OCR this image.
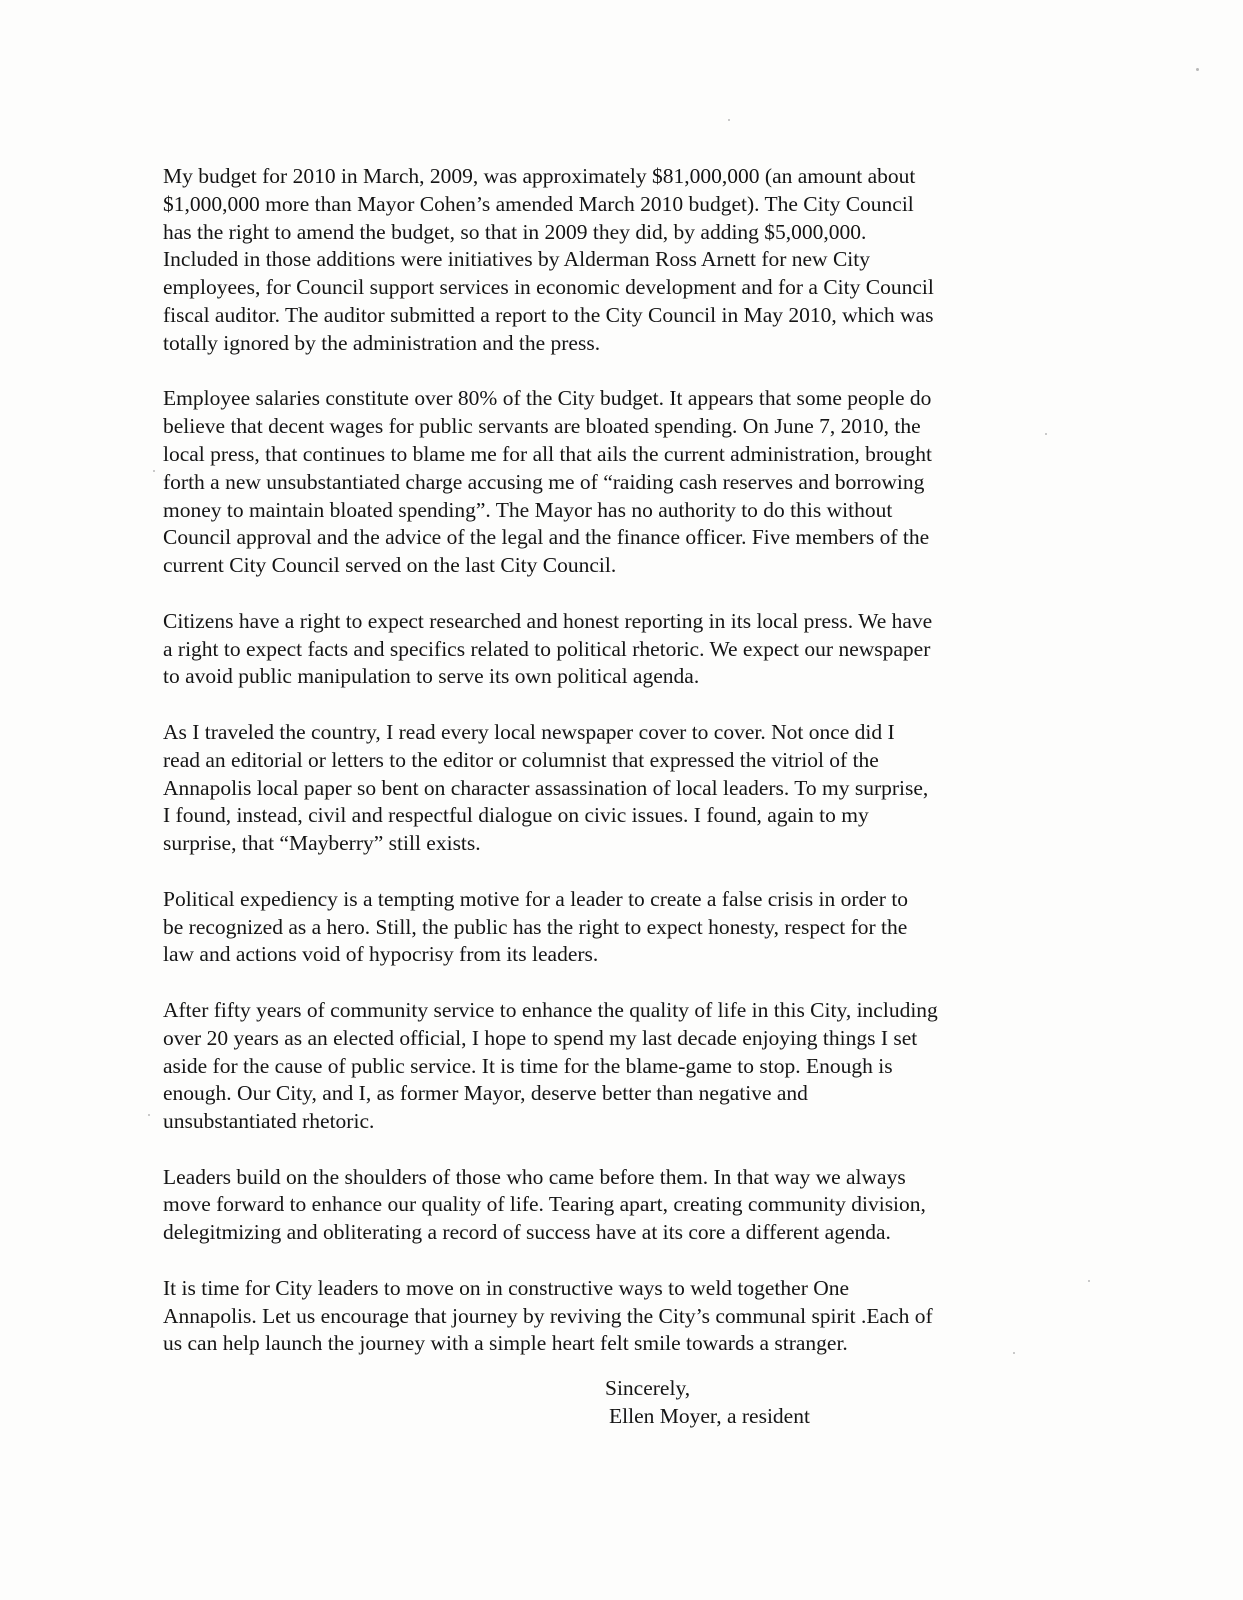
My budget for 2010 in March, 2009, was approximately $81,000,000 (an amount about
$1,000,000 more than Mayor Cohen’s amended March 2010 budget). The City Council
has the right to amend the budget, so that in 2009 they did, by adding $5,000,000.
Included in those additions were initiatives by Alderman Ross Arnett for new City
employees, for Council support services in economic development and for a City Council
fiscal auditor. The auditor submitted a report to the City Council in May 2010, which was
totally ignored by the administration and the press.

Employee salaries constitute over 80% of the City budget. It appears that some people do
believe that decent wages for public servants are bloated spending. On June 7, 2010, the
local press, that continues to blame me for all that ails the current administration, brought
forth a new unsubstantiated charge accusing me of “raiding cash reserves and borrowing
money to maintain bloated spending”. The Mayor has no authority to do this without
Council approval and the advice of the legal and the finance officer. Five members of the
current City Council served on the last City Council.

Citizens have a right to expect researched and honest reporting in its local press. We have
a right to expect facts and specifics related to political rhetoric. We expect our newspaper
to avoid public manipulation to serve its own political agenda.

As I traveled the country, I read every local newspaper cover to cover. Not once did I
read an editorial or letters to the editor or columnist that expressed the vitriol of the
Annapolis local paper so bent on character assassination of local leaders. To my surprise,
I found, instead, civil and respectful dialogue on civic issues. I found, again to my
surprise, that “Mayberry” still exists.

Political expediency is a tempting motive for a leader to create a false crisis in order to
be recognized as a hero. Still, the public has the right to expect honesty, respect for the
law and actions void of hypocrisy from its leaders.

After fifty years of community service to enhance the quality of life in this City, including
over 20 years as an elected official, I hope to spend my last decade enjoying things I set
aside for the cause of public service. It is time for the blame-game to stop. Enough is
enough. Our City, and I, as former Mayor, deserve better than negative and
unsubstantiated rhetoric.

Leaders build on the shoulders of those who came before them. In that way we always
move forward to enhance our quality of life. Tearing apart, creating community division,
delegitmizing and obliterating a record of success have at its core a different agenda.

It is time for City leaders to move on in constructive ways to weld together One
Annapolis. Let us encourage that journey by reviving the City’s communal spirit .Each of
us can help launch the journey with a simple heart felt smile towards a stranger.

Sincerely,
Ellen Moyer, a resident
